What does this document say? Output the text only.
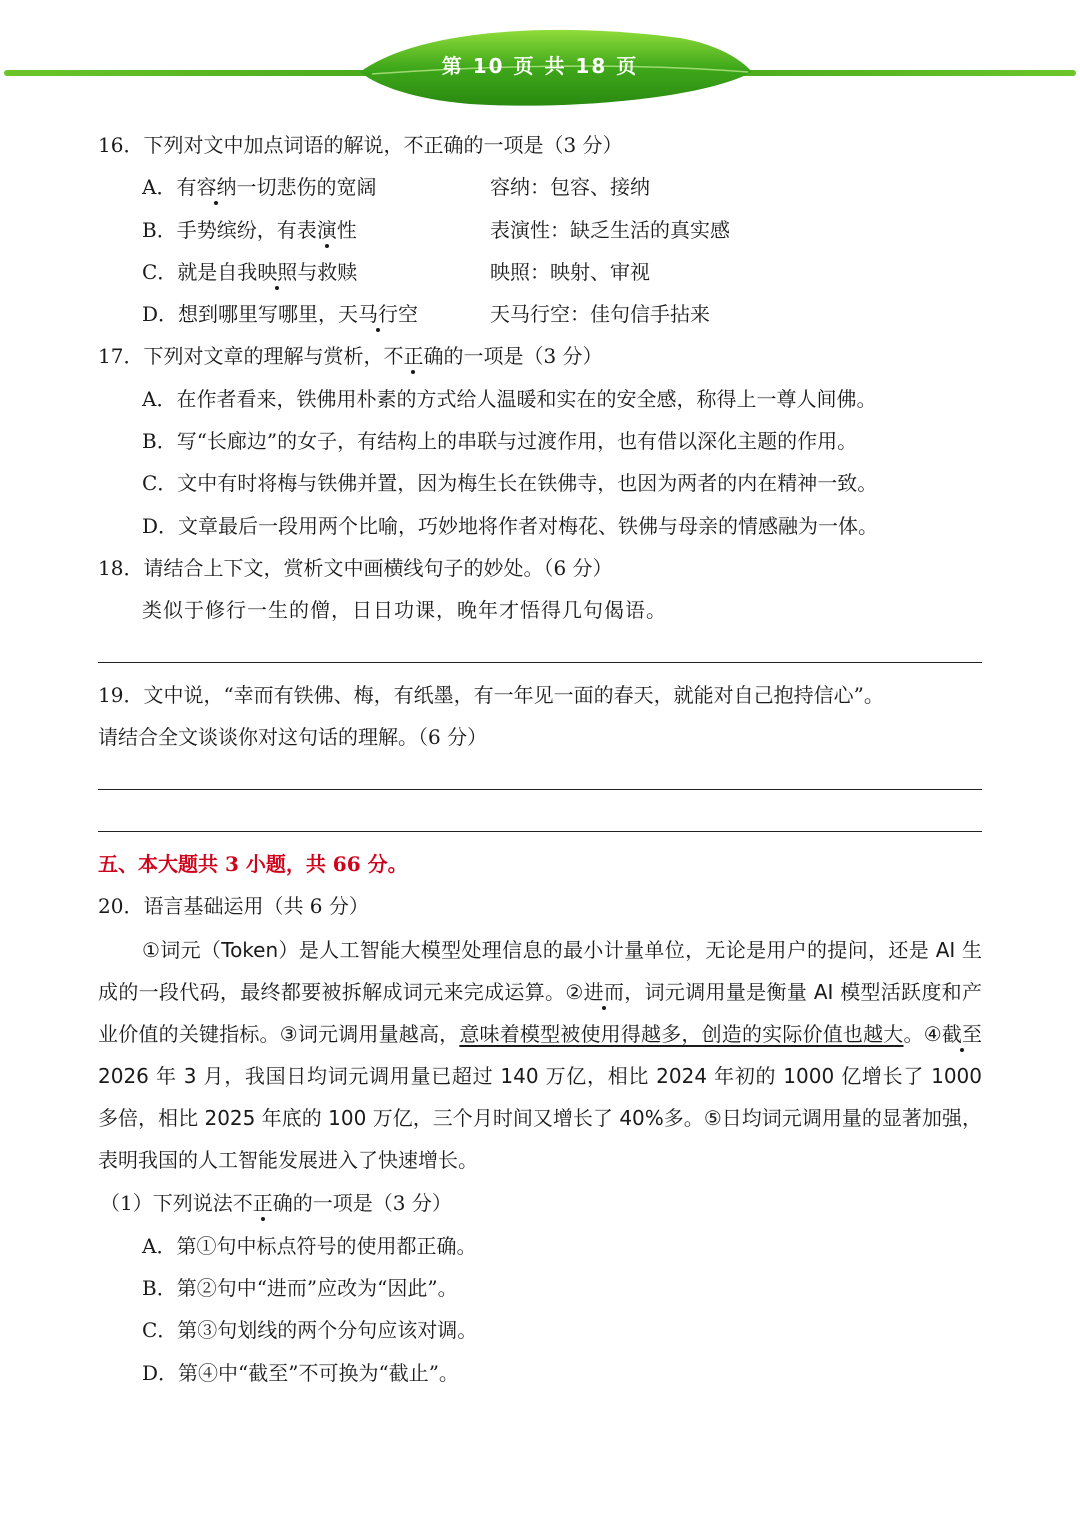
第 10 页 共 18 页
16．下列对文中加点词语的解说，不正确的一项是（3 分）
A．有容纳一切悲伤的宽阔	容纳：包容、接纳
B．手势缤纷，有表演性	表演性：缺乏生活的真实感
C．就是自我映照与救赎	映照：映射、审视
D．想到哪里写哪里，天马行空	天马行空：佳句信手拈来
17．下列对文章的理解与赏析，不正确的一项是（3 分）
A．在作者看来，铁佛用朴素的方式给人温暖和实在的安全感，称得上一尊人间佛。
B．写“长廊边”的女子，有结构上的串联与过渡作用，也有借以深化主题的作用。
C．文中有时将梅与铁佛并置，因为梅生长在铁佛寺，也因为两者的内在精神一致。
D．文章最后一段用两个比喻，巧妙地将作者对梅花、铁佛与母亲的情感融为一体。
18．请结合上下文，赏析文中画横线句子的妙处。（6 分）
类似于修行一生的僧，日日功课，晚年才悟得几句偈语。
19．文中说，“幸而有铁佛、梅，有纸墨，有一年见一面的春天，就能对自己抱持信心”。
请结合全文谈谈你对这句话的理解。（6 分）
五、本大题共 3 小题，共 66 分。
20．语言基础运用（共 6 分）

①词元（Token）是人工智能大模型处理信息的最小计量单位，无论是用户的提问，还是 AI 生成的一段代码，最终都要被拆解成词元来完成运算。②进而，词元调用量是衡量 AI 模型活跃度和产业价值的关键指标。③词元调用量越高，意味着模型被使用得越多，创造的实际价值也越大。④截至 2026 年 3 月，我国日均词元调用量已超过 140 万亿，相比 2024 年初的 1000 亿增长了 1000 多倍，相比 2025 年底的 100 万亿，三个月时间又增长了 40%多。⑤日均词元调用量的显著加强，表明我国的人工智能发展进入了快速增长。

（1）下列说法不正确的一项是（3 分）
A．第①句中标点符号的使用都正确。
B．第②句中“进而”应改为“因此”。
C．第③句划线的两个分句应该对调。
D．第④中“截至”不可换为“截止”。
